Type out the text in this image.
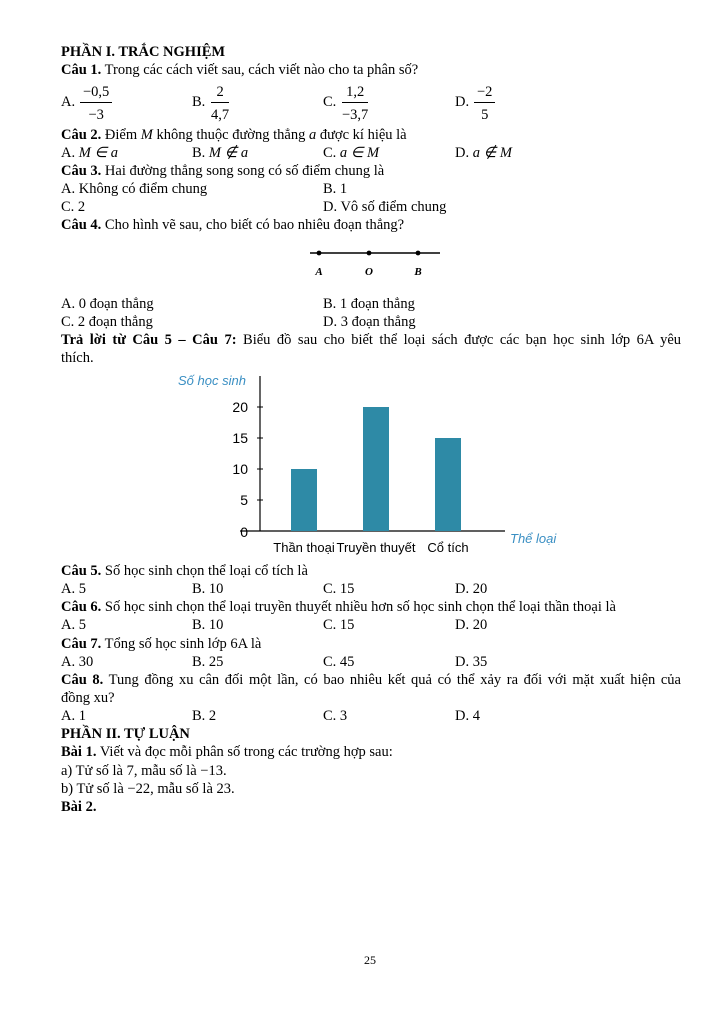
PHẦN I. TRẮC NGHIỆM
Câu 1. Trong các cách viết sau, cách viết nào cho ta phân số?
A. $\frac{-0,5}{-3}$	B. $\frac{2}{4,7}$	C. $\frac{1,2}{-3,7}$	D. $\frac{-2}{5}$
Câu 2. Điểm M không thuộc đường thẳng a được kí hiệu là
A. M ∈ a	B. M ∉ a	C. a ∈ M	D. a ∉ M
Câu 3. Hai đường thẳng song song có số điểm chung là
A. Không có điểm chung	B. 1
C. 2	D. Vô số điểm chung
Câu 4. Cho hình vẽ sau, cho biết có bao nhiêu đoạn thẳng?
A	O	B
A. 0 đoạn thẳng	B. 1 đoạn thẳng
C. 2 đoạn thẳng	D. 3 đoạn thẳng
Trả lời từ Câu 5 – Câu 7: Biểu đồ sau cho biết thể loại sách được các bạn học sinh lớp 6A yêu
thích.
Số học sinh
0
5
10
15
20
Thần thoại Truyền thuyết Cổ tích
Thể loại
Câu 5. Số học sinh chọn thể loại cổ tích là
A. 5	B. 10	C. 15	D. 20
Câu 6. Số học sinh chọn thể loại truyền thuyết nhiều hơn số học sinh chọn thể loại thần thoại là
A. 5	B. 10	C. 15	D. 20
Câu 7. Tổng số học sinh lớp 6A là
A. 30	B. 25	C. 45	D. 35
Câu 8. Tung đồng xu cân đối một lần, có bao nhiêu kết quả có thể xảy ra đối với mặt xuất hiện của
đồng xu?
A. 1	B. 2	C. 3	D. 4
PHẦN II. TỰ LUẬN
Bài 1. Viết và đọc mỗi phân số trong các trường hợp sau:
a) Tử số là 7, mẫu số là −13.
b) Tử số là −22, mẫu số là 23.
Bài 2.
25
